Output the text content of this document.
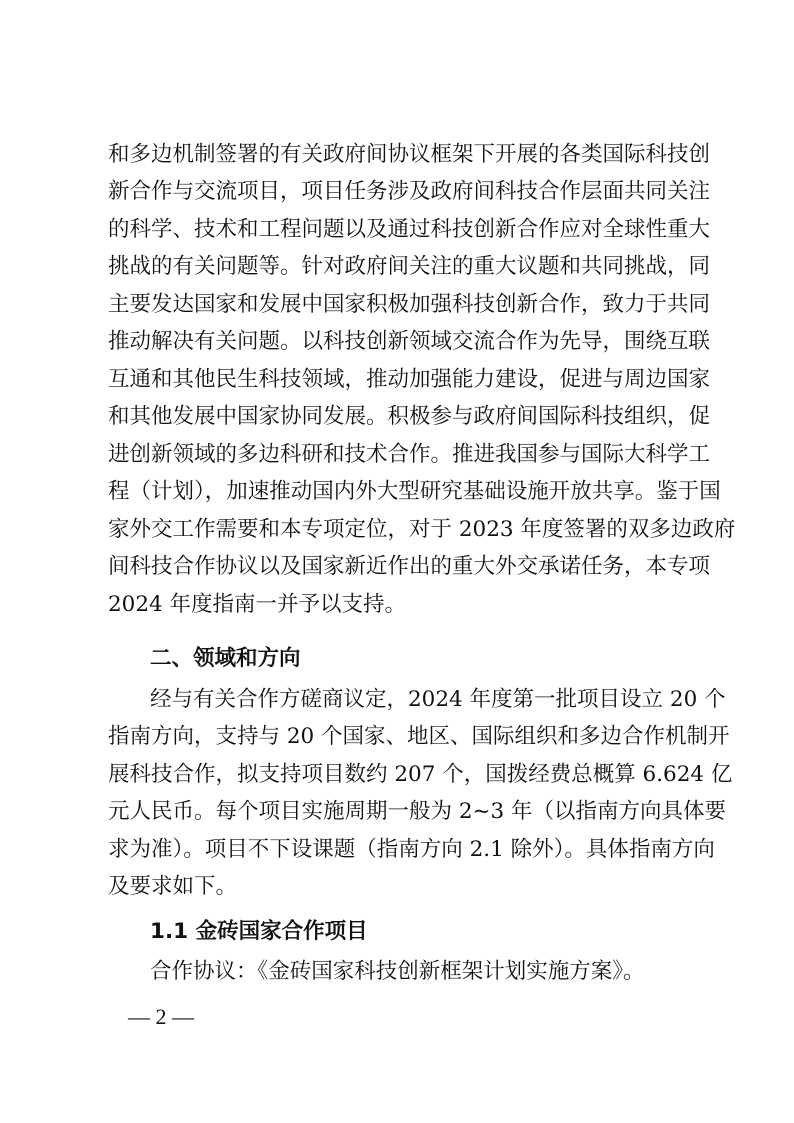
和多边机制签署的有关政府间协议框架下开展的各类国际科技创
新合作与交流项目，项目任务涉及政府间科技合作层面共同关注
的科学、技术和工程问题以及通过科技创新合作应对全球性重大
挑战的有关问题等。针对政府间关注的重大议题和共同挑战，同
主要发达国家和发展中国家积极加强科技创新合作，致力于共同
推动解决有关问题。以科技创新领域交流合作为先导，围绕互联
互通和其他民生科技领域，推动加强能力建设，促进与周边国家
和其他发展中国家协同发展。积极参与政府间国际科技组织，促
进创新领域的多边科研和技术合作。推进我国参与国际大科学工
程（计划），加速推动国内外大型研究基础设施开放共享。鉴于国
家外交工作需要和本专项定位，对于 2023 年度签署的双多边政府
间科技合作协议以及国家新近作出的重大外交承诺任务，本专项
2024 年度指南一并予以支持。
二、领域和方向
经与有关合作方磋商议定，2024 年度第一批项目设立 20 个
指南方向，支持与 20 个国家、地区、国际组织和多边合作机制开
展科技合作，拟支持项目数约 207 个，国拨经费总概算 6.624 亿
元人民币。每个项目实施周期一般为 2~3 年（以指南方向具体要
求为准）。项目不下设课题（指南方向 2.1 除外）。具体指南方向
及要求如下。
1.1 金砖国家合作项目
合作协议：《金砖国家科技创新框架计划实施方案》。
— 2 —
